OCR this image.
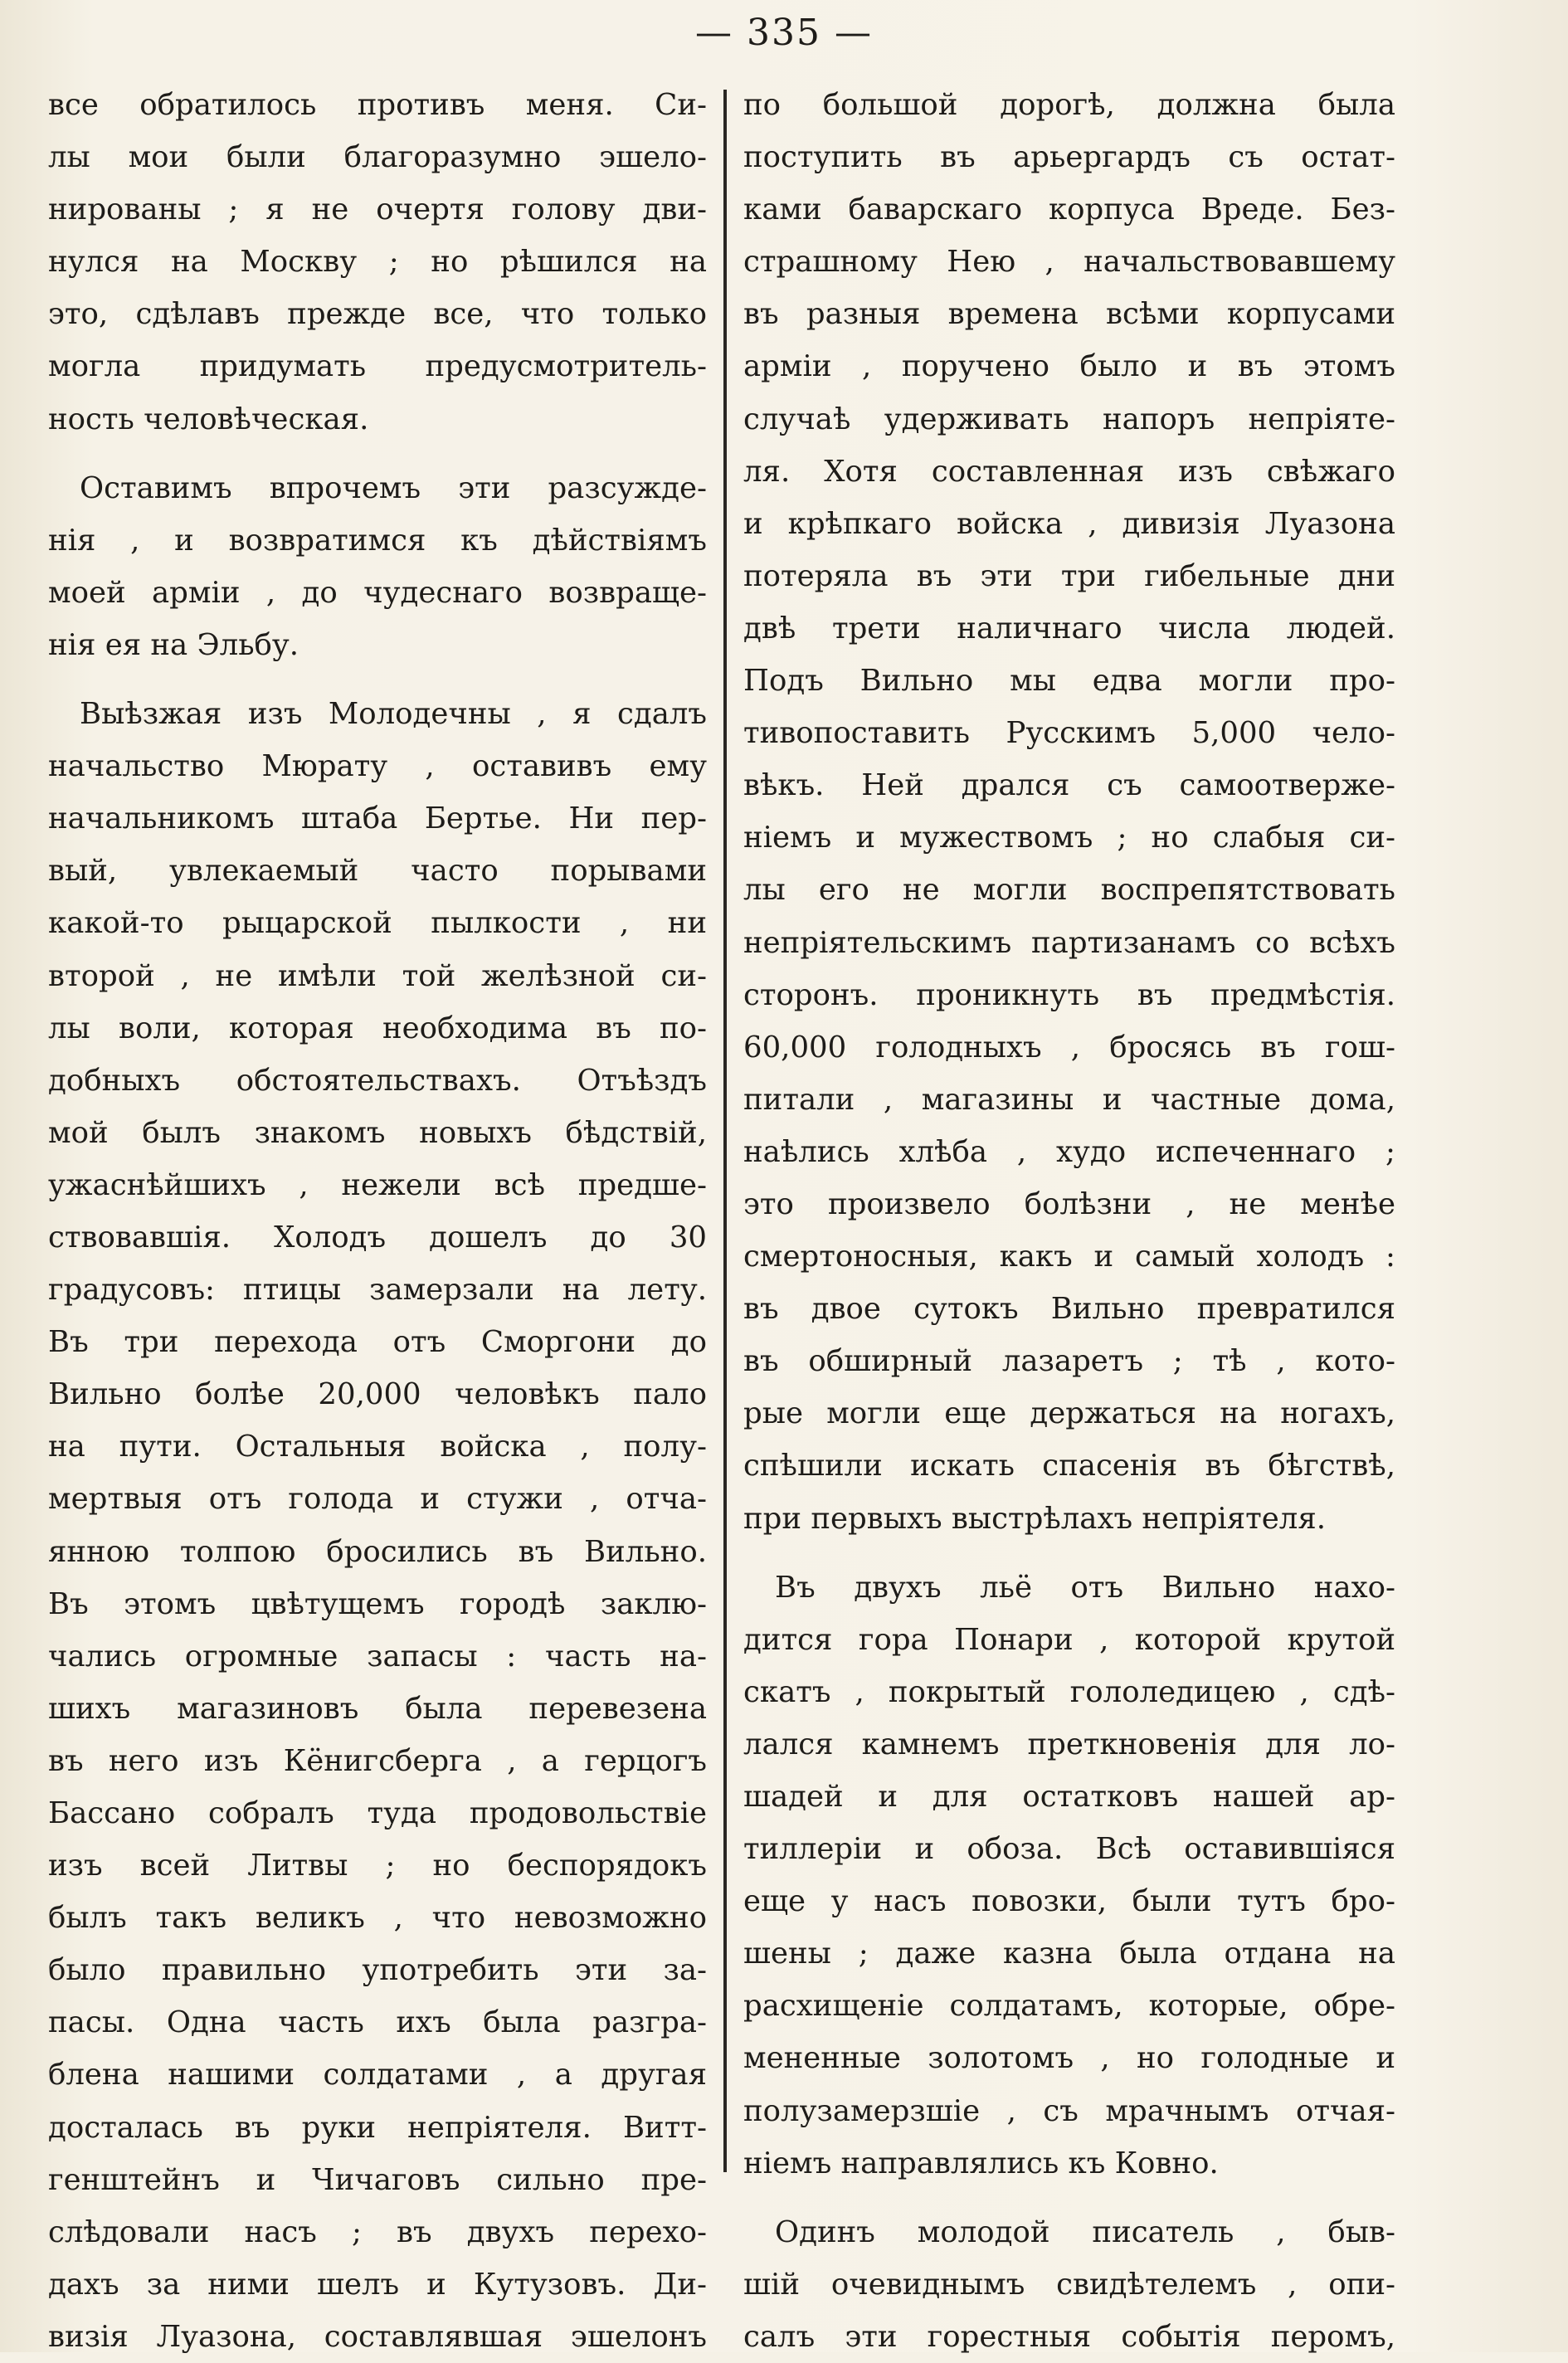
— 335 —
все обратилось противъ меня. Си-
лы мои были благоразумно эшело-
нированы ; я не очертя голову дви-
нулся на Москву ; но рѣшился на
это, сдѣлавъ прежде все, что только
могла придумать предусмотритель-
ность человѣческая.
Оставимъ впрочемъ эти разсужде-
нія , и возвратимся къ дѣйствіямъ
моей арміи , до чудеснаго возвраще-
нія ея на Эльбу.
Выѣзжая изъ Молодечны , я сдалъ
начальство Мюрату , оставивъ ему
начальникомъ штаба Бертье. Ни пер-
вый, увлекаемый часто порывами
какой-то рыцарской пылкости , ни
второй , не имѣли той желѣзной си-
лы воли, которая необходима въ по-
добныхъ обстоятельствахъ. Отъѣздъ
мой былъ знакомъ новыхъ бѣдствій,
ужаснѣйшихъ , нежели всѣ предше-
ствовавшія. Холодъ дошелъ до 30
градусовъ: птицы замерзали на лету.
Въ три перехода отъ Сморгони до
Вильно болѣе 20,000 человѣкъ пало
на пути. Остальныя войска , полу-
мертвыя отъ голода и стужи , отча-
янною толпою бросились въ Вильно.
Въ этомъ цвѣтущемъ городѣ заклю-
чались огромные запасы : часть на-
шихъ магазиновъ была перевезена
въ него изъ Кёнигсберга , а герцогъ
Бассано собралъ туда продовольствіе
изъ всей Литвы ; но беспорядокъ
былъ такъ великъ , что невозможно
было правильно употребить эти за-
пасы. Одна часть ихъ была разгра-
блена нашими солдатами , а другая
досталась въ руки непріятеля. Витт-
генштейнъ и Чичаговъ сильно пре-
слѣдовали насъ ; въ двухъ перехо-
дахъ за ними шелъ и Кутузовъ. Ди-
визія Луазона, составлявшая эшелонъ
по большой дорогѣ, должна была
поступить въ арьергардъ съ остат-
ками баварскаго корпуса Вреде. Без-
страшному Нею , начальствовавшему
въ разныя времена всѣми корпусами
арміи , поручено было и въ этомъ
случаѣ удерживать напоръ непріяте-
ля. Хотя составленная изъ свѣжаго
и крѣпкаго войска , дивизія Луазона
потеряла въ эти три гибельные дни
двѣ трети наличнаго числа людей.
Подъ Вильно мы едва могли про-
тивопоставить Русскимъ 5,000 чело-
вѣкъ. Ней дрался съ самоотверже-
ніемъ и мужествомъ ; но слабыя си-
лы его не могли воспрепятствовать
непріятельскимъ партизанамъ со всѣхъ
сторонъ. проникнуть въ предмѣстія.
60,000 голодныхъ , бросясь въ гош-
питали , магазины и частные дома,
наѣлись хлѣба , худо испеченнаго ;
это произвело болѣзни , не менѣе
смертоносныя, какъ и самый холодъ :
въ двое сутокъ Вильно превратился
въ обширный лазаретъ ; тѣ , кото-
рые могли еще держаться на ногахъ,
спѣшили искать спасенія въ бѣгствѣ,
при первыхъ выстрѣлахъ непріятеля.
Въ двухъ льё отъ Вильно нахо-
дится гора Понари , которой крутой
скатъ , покрытый гололедицею , сдѣ-
лался камнемъ преткновенія для ло-
шадей и для остатковъ нашей ар-
тиллеріи и обоза. Всѣ оставившіяся
еще у насъ повозки, были тутъ бро-
шены ; даже казна была отдана на
расхищеніе солдатамъ, которые, обре-
мененные золотомъ , но голодные и
полузамерзшіе , съ мрачнымъ отчая-
ніемъ направлялись къ Ковно.
Одинъ молодой писатель , быв-
шій очевиднымъ свидѣтелемъ , опи-
салъ эти горестныя событія перомъ,
